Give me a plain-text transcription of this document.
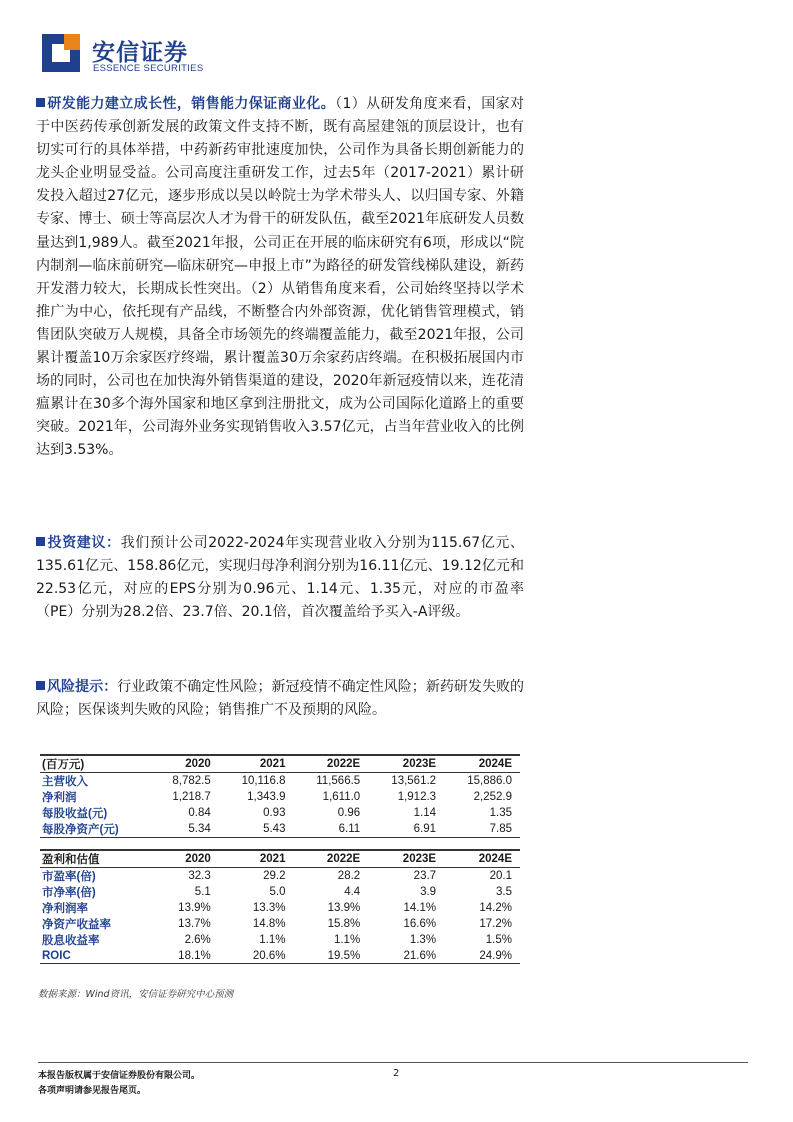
安信证券
ESSENCE SECURITIES

研发能力建立成长性，销售能力保证商业化。（1）从研发角度来看，国家对于中医药传承创新发展的政策文件支持不断，既有高屋建瓴的顶层设计，也有切实可行的具体举措，中药新药审批速度加快，公司作为具备长期创新能力的龙头企业明显受益。公司高度注重研发工作，过去5年（2017-2021）累计研发投入超过27亿元，逐步形成以吴以岭院士为学术带头人、以归国专家、外籍专家、博士、硕士等高层次人才为骨干的研发队伍，截至2021年底研发人员数量达到1,989人。截至2021年报，公司正在开展的临床研究有6项，形成以“院内制剂—临床前研究—临床研究—申报上市”为路径的研发管线梯队建设，新药开发潜力较大，长期成长性突出。（2）从销售角度来看，公司始终坚持以学术推广为中心，依托现有产品线，不断整合内外部资源，优化销售管理模式，销售团队突破万人规模，具备全市场领先的终端覆盖能力，截至2021年报，公司累计覆盖10万余家医疗终端，累计覆盖30万余家药店终端。在积极拓展国内市场的同时，公司也在加快海外销售渠道的建设，2020年新冠疫情以来，连花清瘟累计在30多个海外国家和地区拿到注册批文，成为公司国际化道路上的重要突破。2021年，公司海外业务实现销售收入3.57亿元，占当年营业收入的比例达到3.53%。

投资建议：我们预计公司2022-2024年实现营业收入分别为115.67亿元、135.61亿元、158.86亿元，实现归母净利润分别为16.11亿元、19.12亿元和22.53亿元，对应的EPS分别为0.96元、1.14元、1.35元，对应的市盈率（PE）分别为28.2倍、23.7倍、20.1倍，首次覆盖给予买入-A评级。

风险提示：行业政策不确定性风险；新冠疫情不确定性风险；新药研发失败的风险；医保谈判失败的风险；销售推广不及预期的风险。

(百万元)	2020	2021	2022E	2023E	2024E
主营收入	8,782.5	10,116.8	11,566.5	13,561.2	15,886.0
净利润	1,218.7	1,343.9	1,611.0	1,912.3	2,252.9
每股收益(元)	0.84	0.93	0.96	1.14	1.35
每股净资产(元)	5.34	5.43	6.11	6.91	7.85

盈利和估值	2020	2021	2022E	2023E	2024E
市盈率(倍)	32.3	29.2	28.2	23.7	20.1
市净率(倍)	5.1	5.0	4.4	3.9	3.5
净利润率	13.9%	13.3%	13.9%	14.1%	14.2%
净资产收益率	13.7%	14.8%	15.8%	16.6%	17.2%
股息收益率	2.6%	1.1%	1.1%	1.3%	1.5%
ROIC	18.1%	20.6%	19.5%	21.6%	24.9%
数据来源：Wind资讯，安信证券研究中心预测
本报告版权属于安信证券股份有限公司。
各项声明请参见报告尾页。
2
